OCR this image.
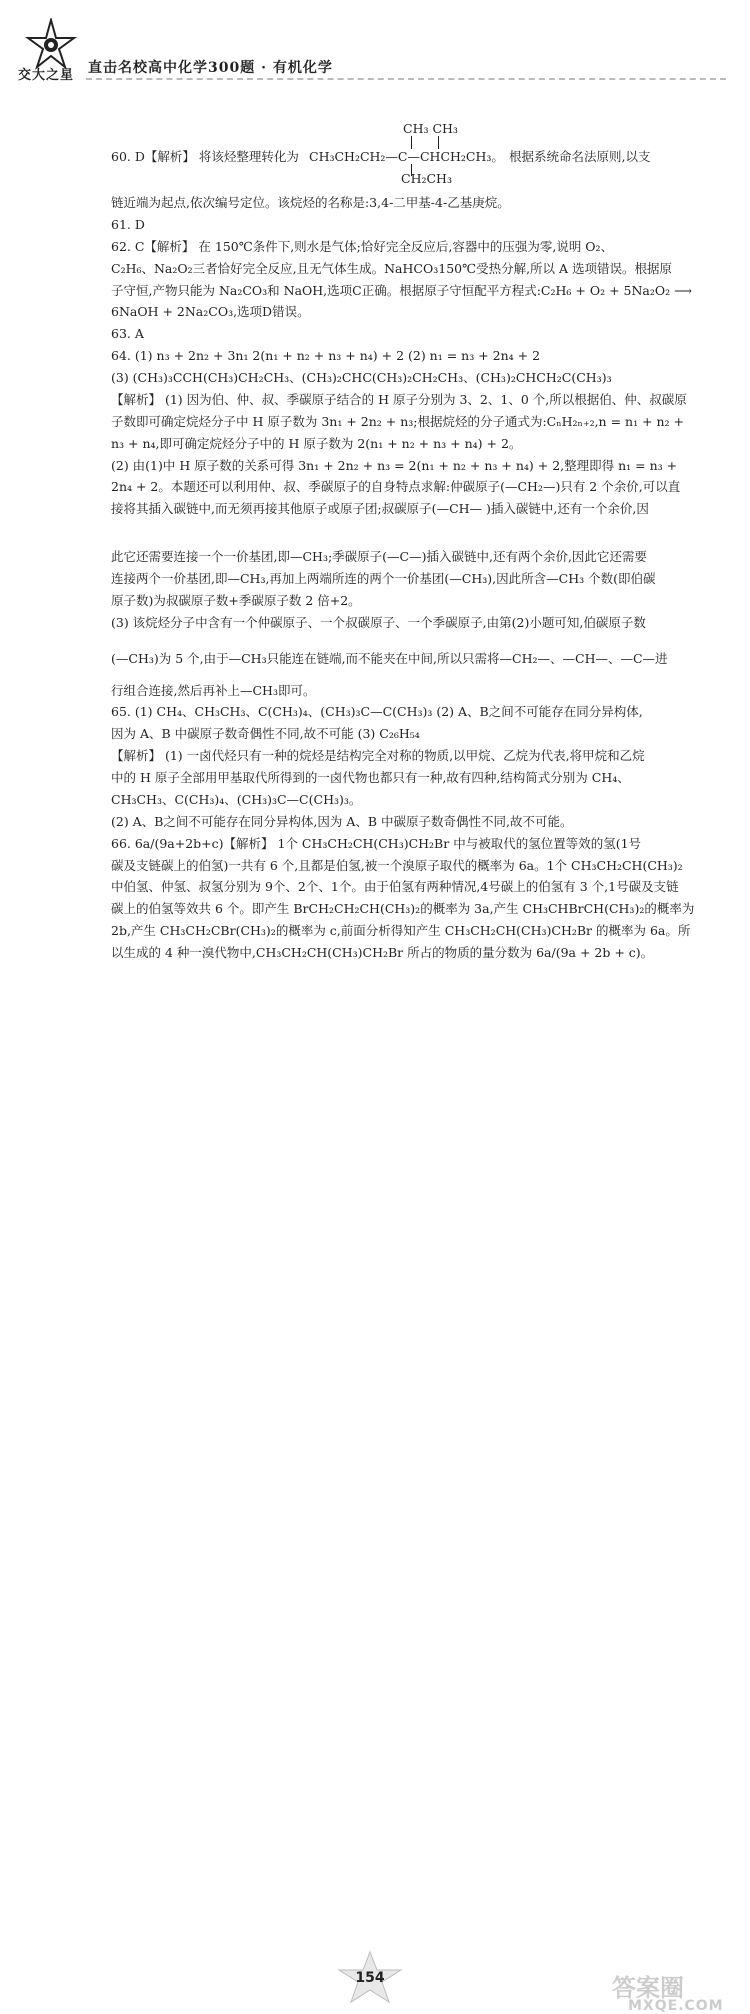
交大之星 直击名校高中化学300题 · 有机化学
CH₃ CH₃
60. D【解析】 将该烃整理转化为 CH₃CH₂CH₂—C—CHCH₂CH₃。 根据系统命名法原则,以支
CH₂CH₃

链近端为起点,依次编号定位。该烷烃的名称是:3,4-二甲基-4-乙基庚烷。

61. D

62. C【解析】 在 150℃条件下,则水是气体;恰好完全反应后,容器中的压强为零,说明 O₂、

C₂H₆、Na₂O₂三者恰好完全反应,且无气体生成。NaHCO₃150℃受热分解,所以 A 选项错误。根据原

子守恒,产物只能为 Na₂CO₃和 NaOH,选项C正确。根据原子守恒配平方程式:C₂H₆ + O₂ + 5Na₂O₂ ⟶

6NaOH + 2Na₂CO₃,选项D错误。

63. A

64. (1) n₃ + 2n₂ + 3n₁ 2(n₁ + n₂ + n₃ + n₄) + 2 (2) n₁ = n₃ + 2n₄ + 2

(3) (CH₃)₃CCH(CH₃)CH₂CH₃、(CH₃)₂CHC(CH₃)₂CH₂CH₃、(CH₃)₂CHCH₂C(CH₃)₃

【解析】 (1) 因为伯、仲、叔、季碳原子结合的 H 原子分别为 3、2、1、0 个,所以根据伯、仲、叔碳原

子数即可确定烷烃分子中 H 原子数为 3n₁ + 2n₂ + n₃;根据烷烃的分子通式为:CₙH₂ₙ₊₂,n = n₁ + n₂ +

n₃ + n₄,即可确定烷烃分子中的 H 原子数为 2(n₁ + n₂ + n₃ + n₄) + 2。

(2) 由(1)中 H 原子数的关系可得 3n₁ + 2n₂ + n₃ = 2(n₁ + n₂ + n₃ + n₄) + 2,整理即得 n₁ = n₃ +

2n₄ + 2。本题还可以利用仲、叔、季碳原子的自身特点求解:仲碳原子(—CH₂—)只有 2 个余价,可以直

接将其插入碳链中,而无须再接其他原子或原子团;叔碳原子(—CH— )插入碳链中,还有一个余价,因

此它还需要连接一个一价基团,即—CH₃;季碳原子(—C—)插入碳链中,还有两个余价,因此它还需要

连接两个一价基团,即—CH₃,再加上两端所连的两个一价基团(—CH₃),因此所含—CH₃ 个数(即伯碳

原子数)为叔碳原子数+季碳原子数 2 倍+2。

(3) 该烷烃分子中含有一个仲碳原子、一个叔碳原子、一个季碳原子,由第(2)小题可知,伯碳原子数

(—CH₃)为 5 个,由于—CH₃只能连在链端,而不能夹在中间,所以只需将—CH₂—、—CH—、—C—进

行组合连接,然后再补上—CH₃即可。

65. (1) CH₄、CH₃CH₃、C(CH₃)₄、(CH₃)₃C—C(CH₃)₃ (2) A、B之间不可能存在同分异构体,

因为 A、B 中碳原子数奇偶性不同,故不可能 (3) C₂₆H₅₄

【解析】 (1) 一卤代烃只有一种的烷烃是结构完全对称的物质,以甲烷、乙烷为代表,将甲烷和乙烷

中的 H 原子全部用甲基取代所得到的一卤代物也都只有一种,故有四种,结构简式分别为 CH₄、

CH₃CH₃、C(CH₃)₄、(CH₃)₃C—C(CH₃)₃。

(2) A、B之间不可能存在同分异构体,因为 A、B 中碳原子数奇偶性不同,故不可能。

66. 6a/(9a+2b+c)【解析】 1个 CH₃CH₂CH(CH₃)CH₂Br 中与被取代的氢位置等效的氢(1号

碳及支链碳上的伯氢)一共有 6 个,且都是伯氢,被一个溴原子取代的概率为 6a。1个 CH₃CH₂CH(CH₃)₂

中伯氢、仲氢、叔氢分别为 9个、2个、1个。由于伯氢有两种情况,4号碳上的伯氢有 3 个,1号碳及支链

碳上的伯氢等效共 6 个。即产生 BrCH₂CH₂CH(CH₃)₂的概率为 3a,产生 CH₃CHBrCH(CH₃)₂的概率为

2b,产生 CH₃CH₂CBr(CH₃)₂的概率为 c,前面分析得知产生 CH₃CH₂CH(CH₃)CH₂Br 的概率为 6a。所

以生成的 4 种一溴代物中,CH₃CH₂CH(CH₃)CH₂Br 所占的物质的量分数为 6a/(9a + 2b + c)。

154	答案圈
MXQE.COM
